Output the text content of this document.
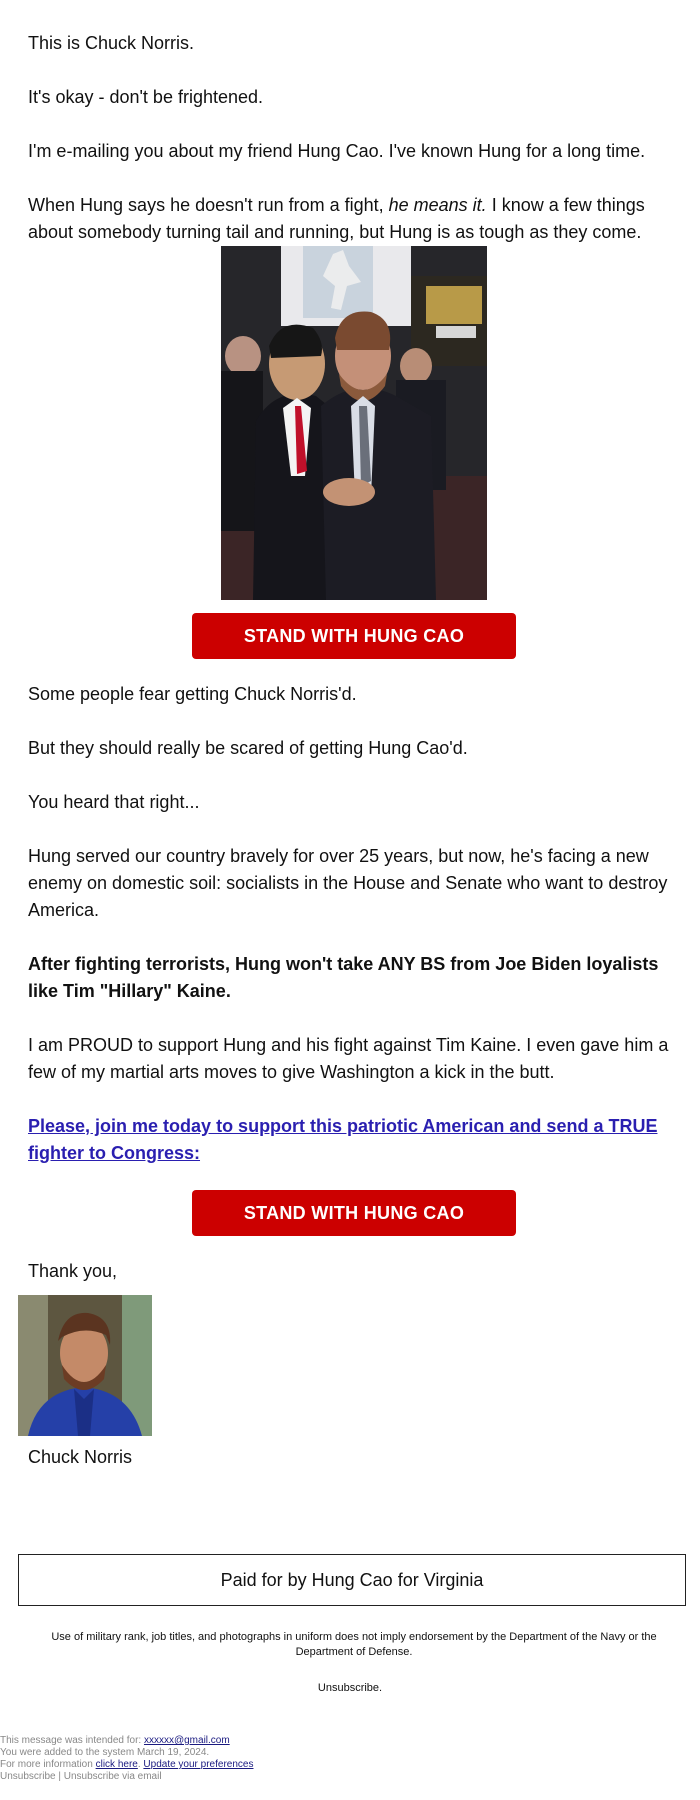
This is Chuck Norris.

It's okay - don't be frightened.

I'm e-mailing you about my friend Hung Cao. I've known Hung for a long time.

When Hung says he doesn't run from a fight, he means it. I know a few things about somebody turning tail and running, but Hung is as tough as they come.

STAND WITH HUNG CAO

Some people fear getting Chuck Norris'd.

But they should really be scared of getting Hung Cao'd.

You heard that right...

Hung served our country bravely for over 25 years, but now, he's facing a new enemy on domestic soil: socialists in the House and Senate who want to destroy America.

After fighting terrorists, Hung won't take ANY BS from Joe Biden loyalists like Tim "Hillary" Kaine.

I am PROUD to support Hung and his fight against Tim Kaine. I even gave him a few of my martial arts moves to give Washington a kick in the butt.

Please, join me today to support this patriotic American and send a TRUE fighter to Congress:

STAND WITH HUNG CAO

Thank you,

Chuck Norris

Paid for by Hung Cao for Virginia
Use of military rank, job titles, and photographs in uniform does not imply endorsement by the Department of the Navy or the Department of Defense.
Unsubscribe.
This message was intended for: xxxxxx@gmail.com
You were added to the system March 19, 2024.
For more information click here. Update your preferences
Unsubscribe | Unsubscribe via email
